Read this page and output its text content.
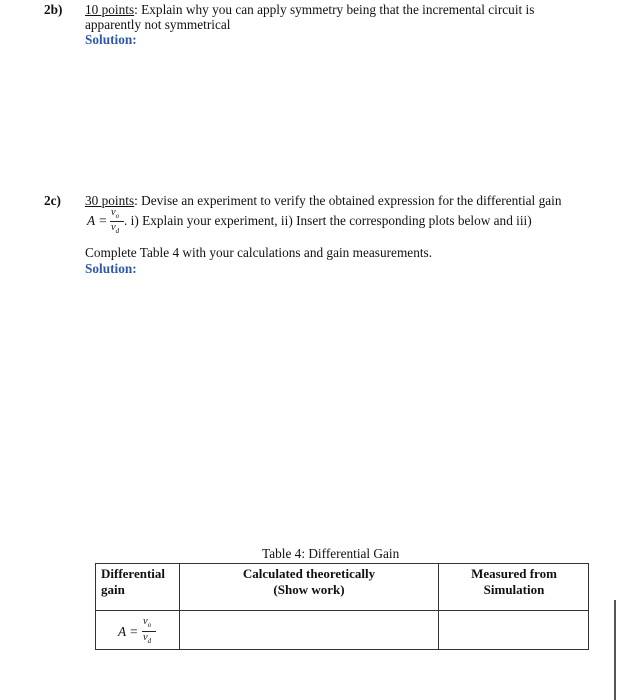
2b) 10 points: Explain why you can apply symmetry being that the incremental circuit is
apparently not symmetrical
Solution:
2c) 30 points: Devise an experiment to verify the obtained expression for the differential gain
A =
$v_o$
$v_d$
. i) Explain your experiment, ii) Insert the corresponding plots below and iii)
Complete Table 4 with your calculations and gain measurements.
Solution:
Table 4: Differential Gain
Differential
gain
Calculated theoretically
(Show work)
Measured from
Simulation
A =
$v_o$
$v_d$
